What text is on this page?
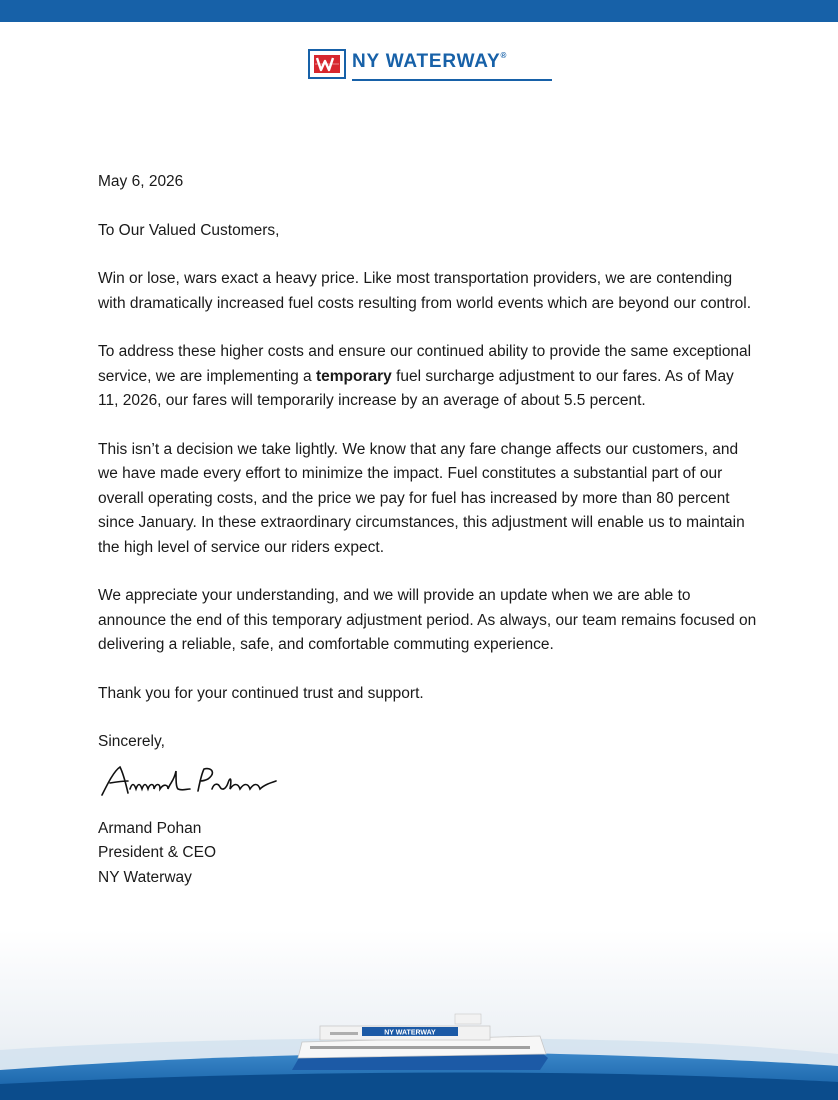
NY WATERWAY®

May 6, 2026

To Our Valued Customers,

Win or lose, wars exact a heavy price. Like most transportation providers, we are contending with dramatically increased fuel costs resulting from world events which are beyond our control.

To address these higher costs and ensure our continued ability to provide the same exceptional service, we are implementing a temporary fuel surcharge adjustment to our fares. As of May 11, 2026, our fares will temporarily increase by an average of about 5.5 percent.

This isn’t a decision we take lightly. We know that any fare change affects our customers, and we have made every effort to minimize the impact. Fuel constitutes a substantial part of our overall operating costs, and the price we pay for fuel has increased by more than 80 percent since January. In these extraordinary circumstances, this adjustment will enable us to maintain the high level of service our riders expect.

We appreciate your understanding, and we will provide an update when we are able to announce the end of this temporary adjustment period. As always, our team remains focused on delivering a reliable, safe, and comfortable commuting experience.

Thank you for your continued trust and support.

Sincerely,

Armand Pohan

President & CEO

NY Waterway

NY WATERWAY
